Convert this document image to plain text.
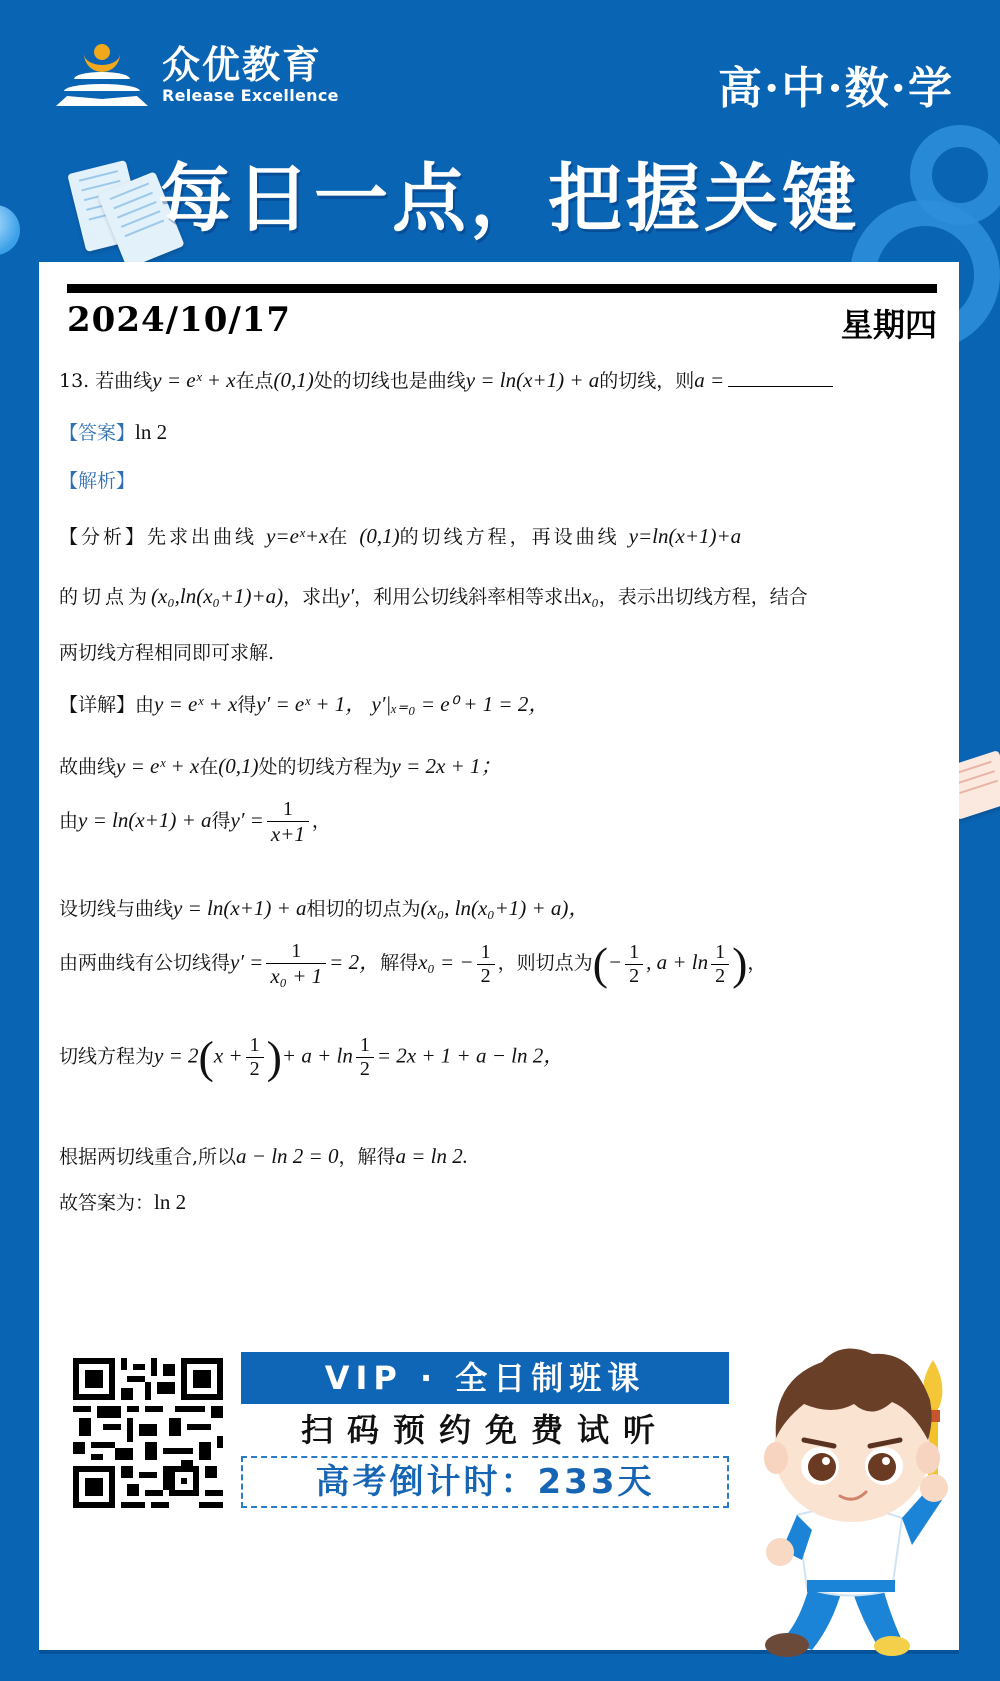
众优教育
Release Excellence	高·中·数·学
每日一点，把握关键
2024/10/17	星期四
13. 若曲线y = eˣ + x在点(0,1)处的切线也是曲线y = ln(x+1) + a的切线，则a =
【答案】ln 2
【解析】
【分析】先求出曲线 y=eˣ+x在 (0,1)的切线方程，再设曲线 y=ln(x+1)+a
的切点为(x₀,ln(x₀+1)+a)，求出y′，利用公切线斜率相等求出x₀，表示出切线方程，结合
两切线方程相同即可求解.
【详解】由y = eˣ + x得y′ = eˣ + 1， y′|ₓ₌₀ = e⁰ + 1 = 2，
故曲线y = eˣ + x在(0,1)处的切线方程为y = 2x + 1；
由y = ln(x+1) + a得$y' = \frac{1}{x+1}$ ，
设切线与曲线y = ln(x+1) + a相切的切点为(x₀, ln(x₀+1) + a)，
由两曲线有公切线得$y' = \frac{1}{\text{x₀ + 1}} = 2$，解得x₀ = − $\frac{1}{2}$ ，则切点为(− $\frac{1}{2}$ , $a + \ln \frac{1}{2}$ )，
切线方程为$y = 2(x + \frac{1}{2}$ )+ $a + \ln \frac{1}{2} = 2x + 1 + a - \ln 2$，
根据两切线重合,所以a − ln 2 = 0，解得a = ln 2.
故答案为：ln 2
VIP · 全日制班课
扫码预约免费试听
高考倒计时：233天
